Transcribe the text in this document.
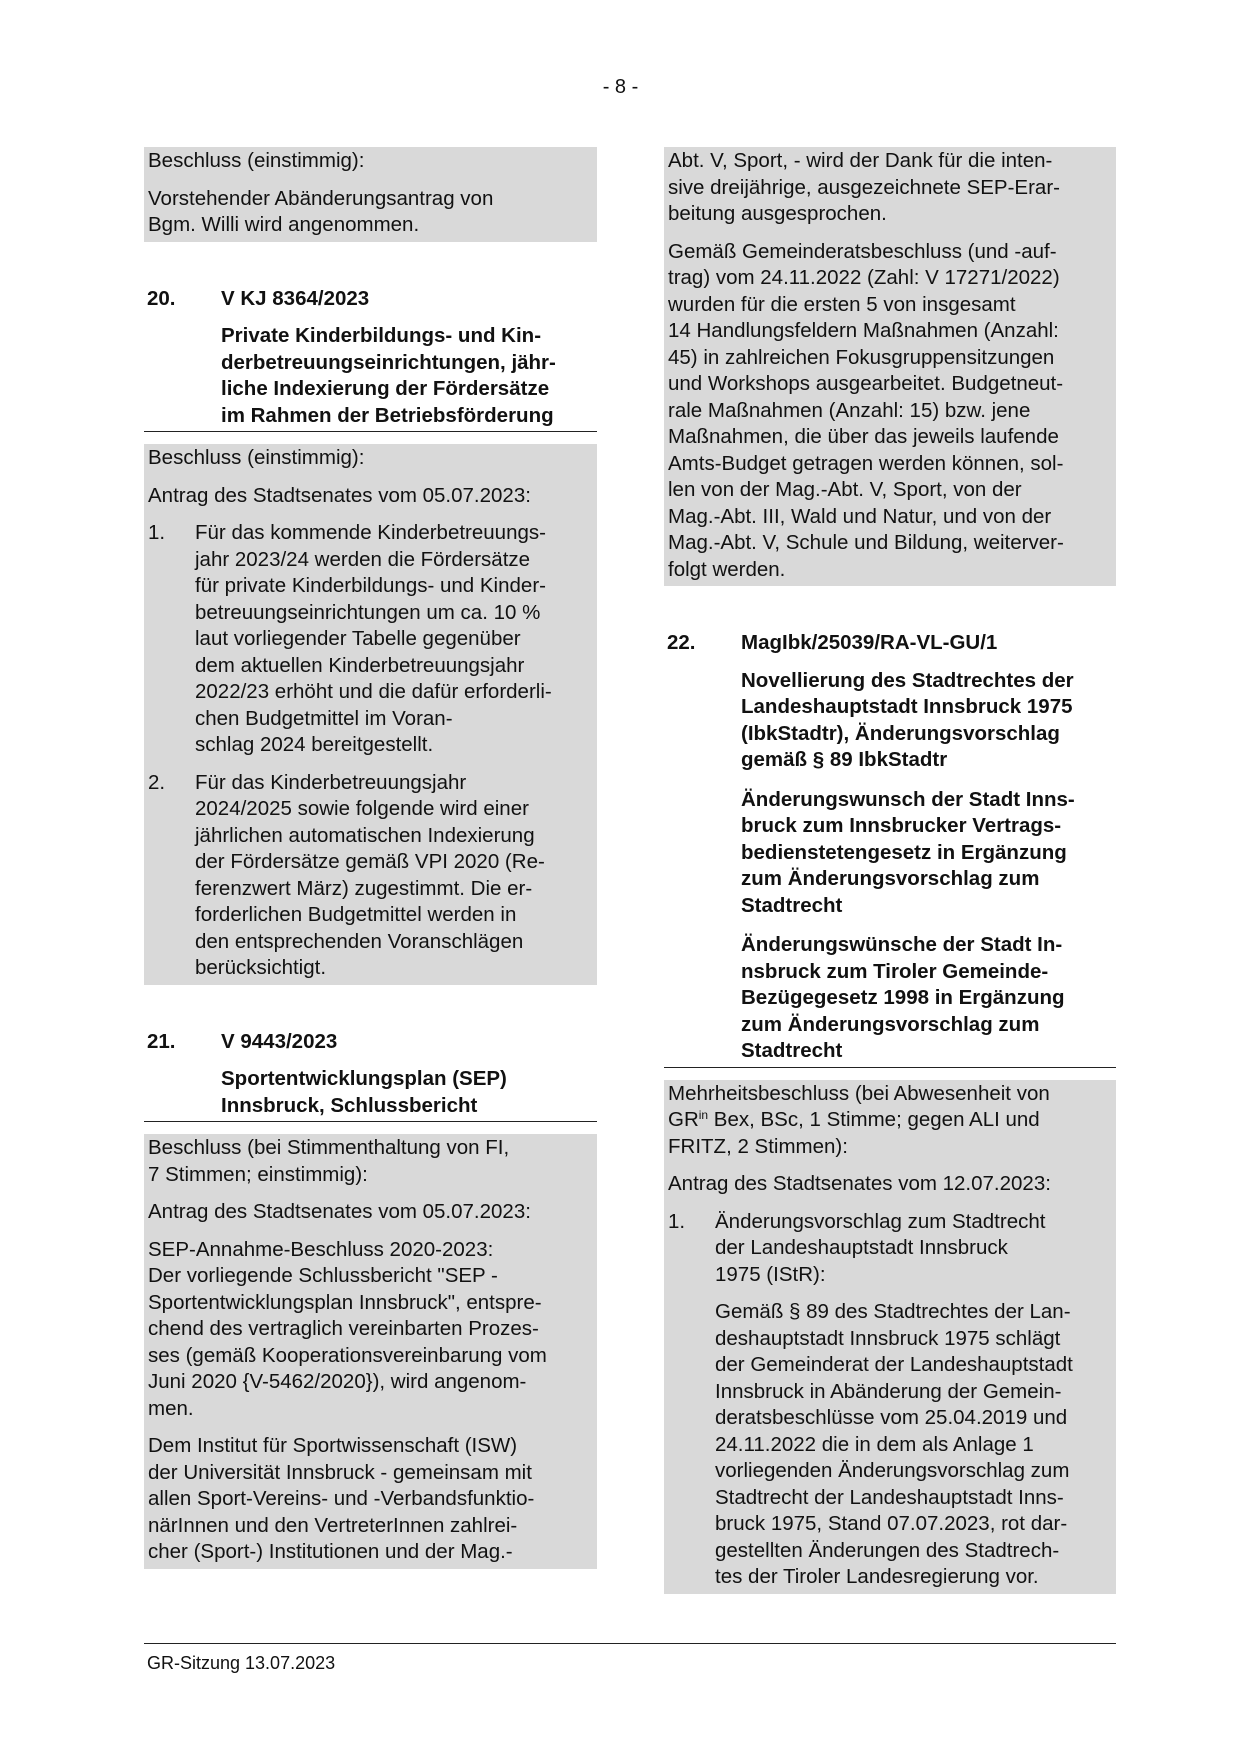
- 8 -

Beschluss (einstimmig):

Vorstehender Abänderungsantrag von
Bgm. Willi wird angenommen.

20.	V KJ 8364/2023
Private Kinderbildungs- und Kin-
derbetreuungseinrichtungen, jähr-
liche Indexierung der Fördersätze
im Rahmen der Betriebsförderung

Beschluss (einstimmig):

Antrag des Stadtsenates vom 05.07.2023:

1.	Für das kommende Kinderbetreuungs-
jahr 2023/24 werden die Fördersätze
für private Kinderbildungs- und Kinder-
betreuungseinrichtungen um ca. 10 %
laut vorliegender Tabelle gegenüber
dem aktuellen Kinderbetreuungsjahr
2022/23 erhöht und die dafür erforderli-
chen Budgetmittel im Voran-
schlag 2024 bereitgestellt.
2.	Für das Kinderbetreuungsjahr
2024/2025 sowie folgende wird einer
jährlichen automatischen Indexierung
der Fördersätze gemäß VPI 2020 (Re-
ferenzwert März) zugestimmt. Die er-
forderlichen Budgetmittel werden in
den entsprechenden Voranschlägen
berücksichtigt.
21.	V 9443/2023
Sportentwicklungsplan (SEP)
Innsbruck, Schlussbericht

Beschluss (bei Stimmenthaltung von FI,
7 Stimmen; einstimmig):

Antrag des Stadtsenates vom 05.07.2023:

SEP-Annahme-Beschluss 2020-2023:
Der vorliegende Schlussbericht "SEP -
Sportentwicklungsplan Innsbruck", entspre-
chend des vertraglich vereinbarten Prozes-
ses (gemäß Kooperationsvereinbarung vom
Juni 2020 {V-5462/2020}), wird angenom-
men.

Dem Institut für Sportwissenschaft (ISW)
der Universität Innsbruck - gemeinsam mit
allen Sport-Vereins- und -Verbandsfunktio-
närInnen und den VertreterInnen zahlrei-
cher (Sport-) Institutionen und der Mag.-

Abt. V, Sport, - wird der Dank für die inten-
sive dreijährige, ausgezeichnete SEP-Erar-
beitung ausgesprochen.

Gemäß Gemeinderatsbeschluss (und -auf-
trag) vom 24.11.2022 (Zahl: V 17271/2022)
wurden für die ersten 5 von insgesamt
14 Handlungsfeldern Maßnahmen (Anzahl:
45) in zahlreichen Fokusgruppensitzungen
und Workshops ausgearbeitet. Budgetneut-
rale Maßnahmen (Anzahl: 15) bzw. jene
Maßnahmen, die über das jeweils laufende
Amts-Budget getragen werden können, sol-
len von der Mag.-Abt. V, Sport, von der
Mag.-Abt. III, Wald und Natur, und von der
Mag.-Abt. V, Schule und Bildung, weiterver-
folgt werden.

22.	MagIbk/25039/RA-VL-GU/1
Novellierung des Stadtrechtes der
Landeshauptstadt Innsbruck 1975
(IbkStadtr), Änderungsvorschlag
gemäß § 89 IbkStadtr
Änderungswunsch der Stadt Inns-
bruck zum Innsbrucker Vertrags-
bedienstetengesetz in Ergänzung
zum Änderungsvorschlag zum
Stadtrecht
Änderungswünsche der Stadt In-
nsbruck zum Tiroler Gemeinde-
Bezügegesetz 1998 in Ergänzung
zum Änderungsvorschlag zum
Stadtrecht

Mehrheitsbeschluss (bei Abwesenheit von
$GR^{in}$ Bex, BSc, 1 Stimme; gegen ALI und
FRITZ, 2 Stimmen):

Antrag des Stadtsenates vom 12.07.2023:

1.	Änderungsvorschlag zum Stadtrecht
der Landeshauptstadt Innsbruck
1975 (IStR):
Gemäß § 89 des Stadtrechtes der Lan-
deshauptstadt Innsbruck 1975 schlägt
der Gemeinderat der Landeshauptstadt
Innsbruck in Abänderung der Gemein-
deratsbeschlüsse vom 25.04.2019 und
24.11.2022 die in dem als Anlage 1
vorliegenden Änderungsvorschlag zum
Stadtrecht der Landeshauptstadt Inns-
bruck 1975, Stand 07.07.2023, rot dar-
gestellten Änderungen des Stadtrech-
tes der Tiroler Landesregierung vor.
GR-Sitzung 13.07.2023
